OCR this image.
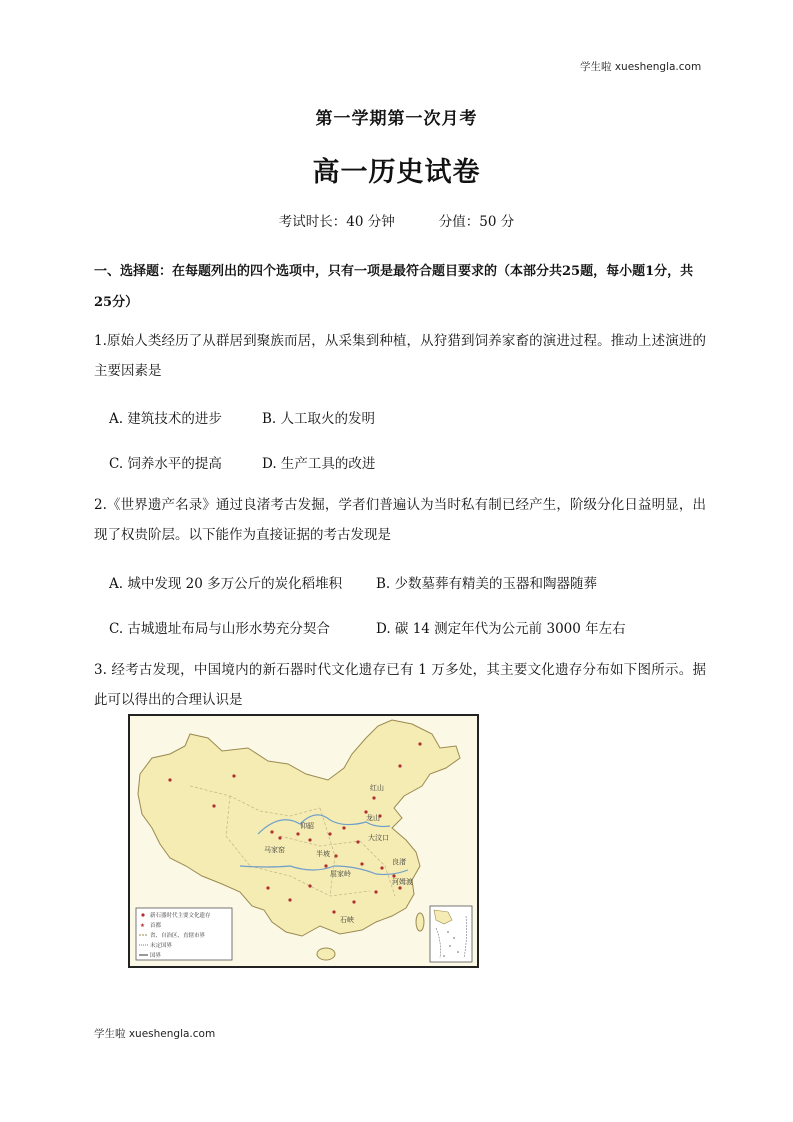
学生啦 xueshengla.com
第一学期第一次月考
高一历史试卷
考试时长：40 分钟	分值：50 分
一、选择题：在每题列出的四个选项中，只有一项是最符合题目要求的（本部分共25题，每小题1分，共25分）
1.原始人类经历了从群居到聚族而居，从采集到种植，从狩猎到饲养家畜的演进过程。推动上述演进的主要因素是
A. 建筑技术的进步	B. 人工取火的发明
C. 饲养水平的提高	D. 生产工具的改进
2.《世界遗产名录》通过良渚考古发掘，学者们普遍认为当时私有制已经产生，阶级分化日益明显，出现了权贵阶层。以下能作为直接证据的考古发现是
A. 城中发现 20 多万公斤的炭化稻堆积	B. 少数墓葬有精美的玉器和陶器随葬
C. 古城遗址布局与山形水势充分契合	D. 碳 14 测定年代为公元前 3000 年左右
3. 经考古发现，中国境内的新石器时代文化遗存已有 1 万多处，其主要文化遗存分布如下图所示。据此可以得出的合理认识是
仰韶
马家窑	半坡
大汶口
良渚
河姆渡
红山
龙山
屈家岭
石峡
新石器时代主要文化遗存
★ 首都
省、自治区、直辖市界
未定国界
国界
学生啦 xueshengla.com
